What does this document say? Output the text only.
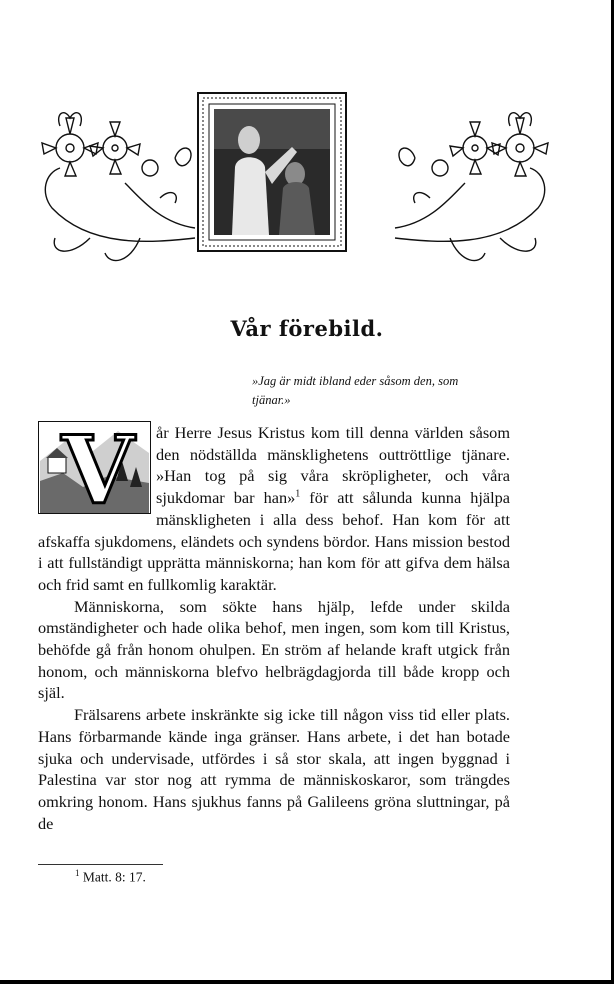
Vår förebild.
»Jag är midt ibland eder såsom den, som
tjänar.»
V	år Herre Jesus Kristus kom till denna världen såsom den nödställda mänsklighetens outtröttlige tjänare. »Han tog på sig våra skröpligheter, och våra sjukdomar bar han»$^1$ för att sålunda kunna hjälpa mänskligheten i alla dess behof. Han kom för att afskaffa sjukdomens, eländets och syndens bördor. Hans mission bestod i att fullständigt upprätta människorna; han kom för att gifva dem hälsa och frid samt en fullkomlig karaktär.

Människorna, som sökte hans hjälp, lefde under skilda omständigheter och hade olika behof, men ingen, som kom till Kristus, behöfde gå från honom ohulpen. En ström af helande kraft utgick från honom, och människorna blefvo helbrägdagjorda till både kropp och själ.

Frälsarens arbete inskränkte sig icke till någon viss tid eller plats. Hans förbarmande kände inga gränser. Hans arbete, i det han botade sjuka och undervisade, utfördes i så stor skala, att ingen byggnad i Palestina var stor nog att rymma de människoskaror, som trängdes omkring honom. Hans sjukhus fanns på Galileens gröna sluttningar, på de

$^1$ Matt. 8: 17.
